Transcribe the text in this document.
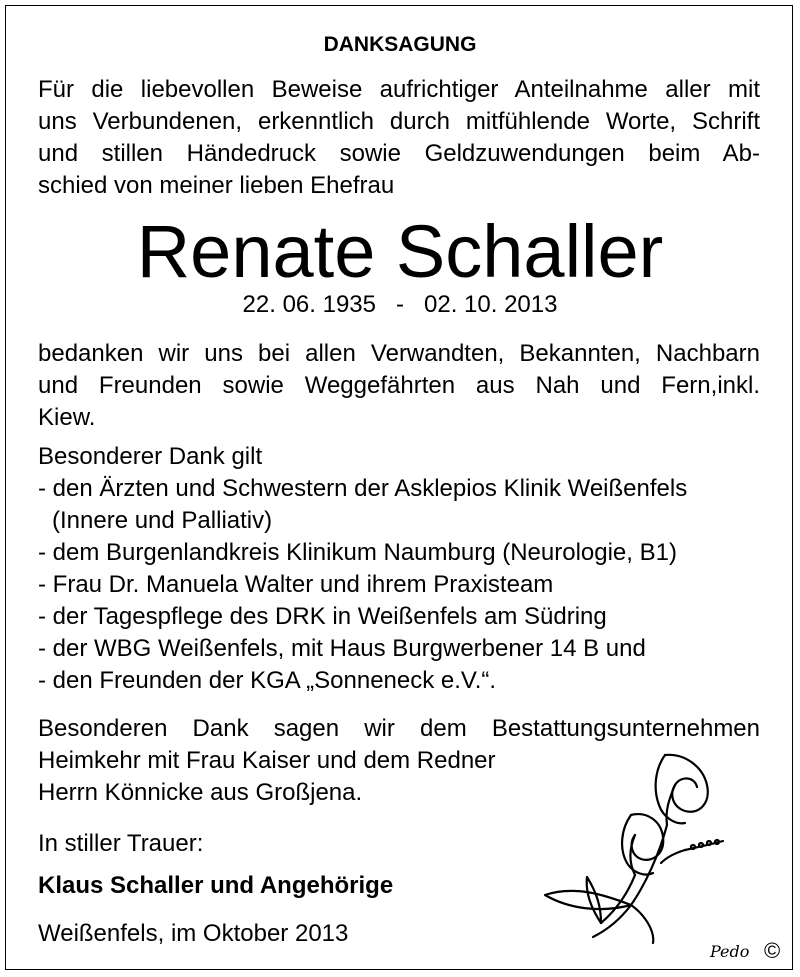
DANKSAGUNG
Für die liebevollen Beweise aufrichtiger Anteilnahme aller mit
uns Verbundenen, erkenntlich durch mitfühlende Worte, Schrift
und stillen Händedruck sowie Geldzuwendungen beim Ab-
schied von meiner lieben Ehefrau
Renate Schaller
22. 06. 1935 - 02. 10. 2013
bedanken wir uns bei allen Verwandten, Bekannten, Nachbarn
und Freunden sowie Weggefährten aus Nah und Fern,inkl.
Kiew.
Besonderer Dank gilt
- den Ärzten und Schwestern der Asklepios Klinik Weißenfels
(Innere und Palliativ)
- dem Burgenlandkreis Klinikum Naumburg (Neurologie, B1)
- Frau Dr. Manuela Walter und ihrem Praxisteam
- der Tagespflege des DRK in Weißenfels am Südring
- der WBG Weißenfels, mit Haus Burgwerbener 14 B und
- den Freunden der KGA „Sonneneck e.V.“.
Besonderen Dank sagen wir dem Bestattungsunternehmen
Heimkehr mit Frau Kaiser und dem Redner
Herrn Könnicke aus Großjena.
In stiller Trauer:
Klaus Schaller und Angehörige
Weißenfels, im Oktober 2013
Pedo ©
